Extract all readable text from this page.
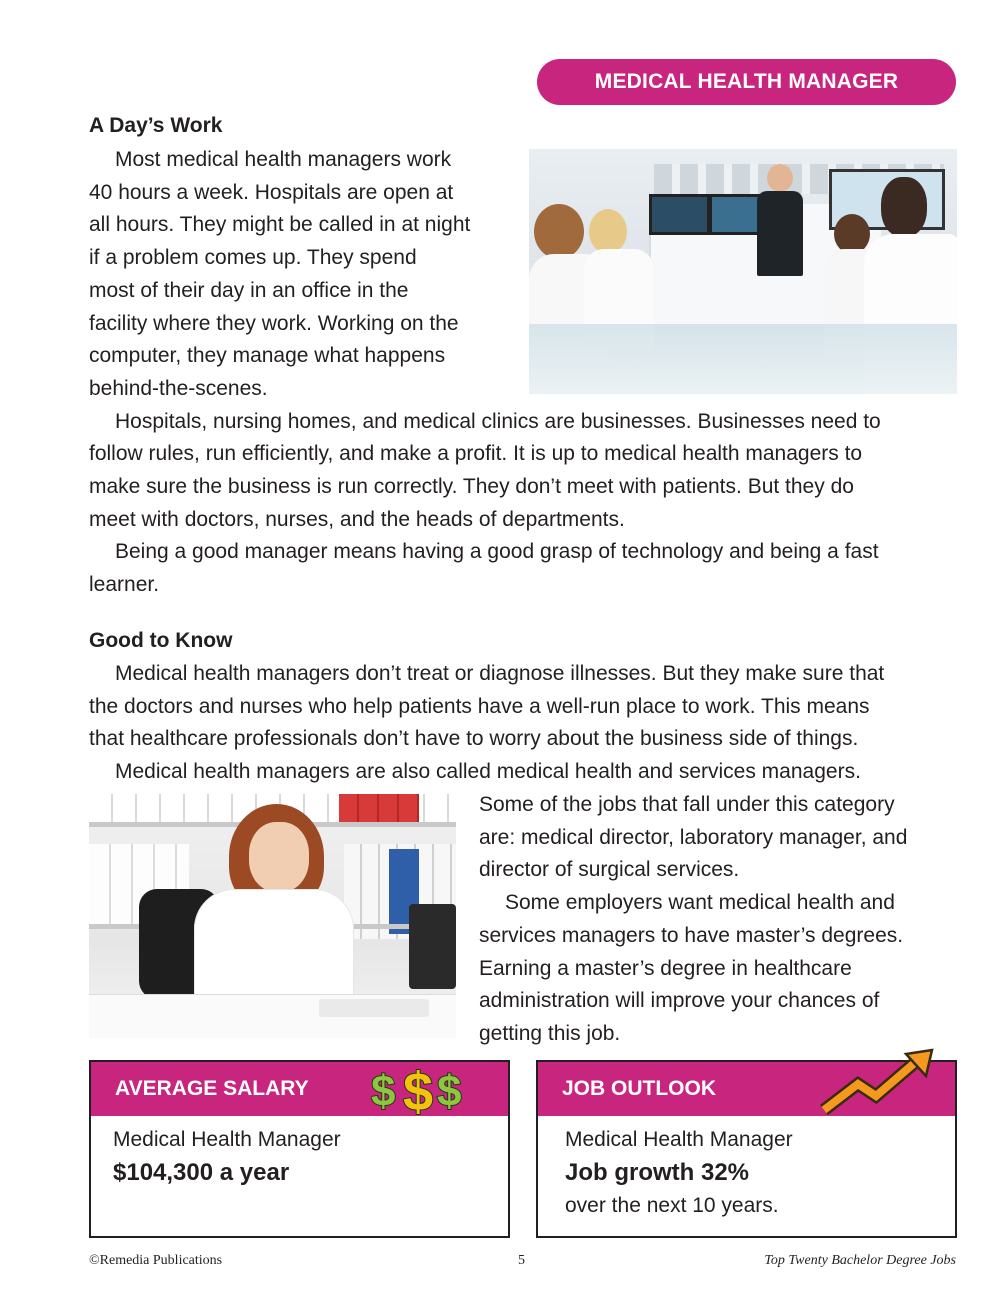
MEDICAL HEALTH MANAGER
A Day’s Work
Most medical health managers work
40 hours a week. Hospitals are open at
all hours. They might be called in at night
if a problem comes up. They spend
most of their day in an office in the
facility where they work. Working on the
computer, they manage what happens
behind-the-scenes.
Hospitals, nursing homes, and medical clinics are businesses. Businesses need to
follow rules, run efficiently, and make a profit. It is up to medical health managers to
make sure the business is run correctly. They don’t meet with patients. But they do
meet with doctors, nurses, and the heads of departments.
Being a good manager means having a good grasp of technology and being a fast
learner.
Good to Know
Medical health managers don’t treat or diagnose illnesses. But they make sure that
the doctors and nurses who help patients have a well-run place to work. This means
that healthcare professionals don’t have to worry about the business side of things.
Medical health managers are also called medical health and services managers.
Some of the jobs that fall under this category
are: medical director, laboratory manager, and
director of surgical services.
Some employers want medical health and
services managers to have master’s degrees.
Earning a master’s degree in healthcare
administration will improve your chances of
getting this job.
AVERAGE SALARY	$ $ $
Medical Health Manager
$104,300 a year
JOB OUTLOOK
Medical Health Manager
Job growth 32%
over the next 10 years.
©Remedia Publications	5	Top Twenty Bachelor Degree Jobs
